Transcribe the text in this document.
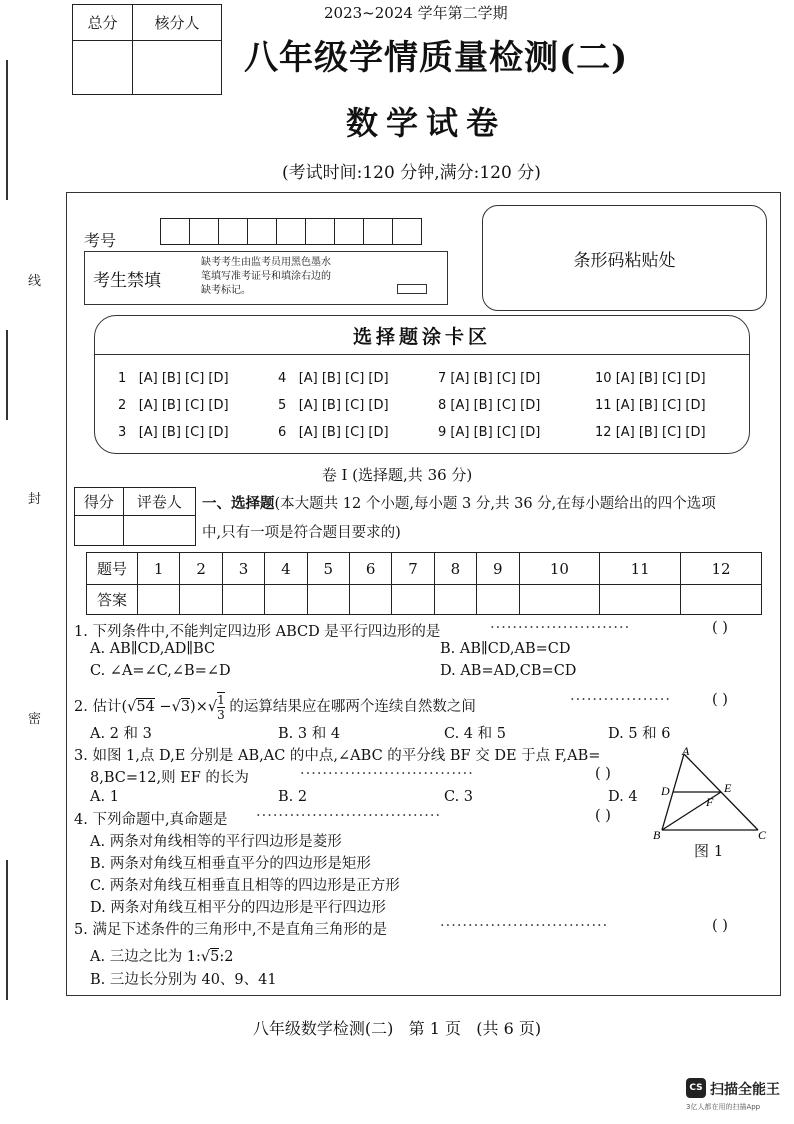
线
封
密
总分	核分人

2023~2024 学年第二学期
八年级学情质量检测(二)
数学试卷
(考试时间:120 分钟,满分:120 分)
考号

条形码粘贴处
考生禁填
缺考考生由监考员用黑色墨水
笔填写准考证号和填涂右边的
缺考标记。
选择题涂卡区
1 [A] [B] [C] [D]
2 [A] [B] [C] [D]
3 [A] [B] [C] [D]
4 [A] [B] [C] [D]
5 [A] [B] [C] [D]
6 [A] [B] [C] [D]
7 [A] [B] [C] [D]
8 [A] [B] [C] [D]
9 [A] [B] [C] [D]
10 [A] [B] [C] [D]
11 [A] [B] [C] [D]
12 [A] [B] [C] [D]
卷 I (选择题,共 36 分)
得分	评卷人
	一、选择题(本大题共 12 个小题,每小题 3 分,共 36 分,在每小题给出的四个选项
中,只有一项是符合题目要求的)
题号	1	2	3	4	5	6	7	8	9	10	11	12
答案												
1. 下列条件中,不能判定四边形 ABCD 是平行四边形的是	·························	( )
A. AB∥CD,AD∥BC	B. AB∥CD,AB=CD
C. ∠A=∠C,∠B=∠D	D. AB=AD,CB=CD
2. 估计$(√54 -√3)\times√ \frac{1}{3}$ 的运算结果应在哪两个连续自然数之间	··················	( )
A. 2 和 3	B. 3 和 4	C. 4 和 5	D. 5 和 6
3. 如图 1,点 D,E 分别是 AB,AC 的中点,∠ABC 的平分线 BF 交 DE 于点 F,AB=
8,BC=12,则 EF 的长为	·······························	( )
A. 1	B. 2	C. 3	D. 4
A
B	C
D	E
F
图 1
4. 下列命题中,真命题是 ·································	( )
A. 两条对角线相等的平行四边形是菱形
B. 两条对角线互相垂直平分的四边形是矩形
C. 两条对角线互相垂直且相等的四边形是正方形
D. 两条对角线互相平分的四边形是平行四边形
5. 满足下述条件的三角形中,不是直角三角形的是	······························	( )
A. 三边之比为 1:√5:2
B. 三边长分别为 40、9、41
八年级数学检测(二)   第 1 页   (共 6 页)
CS 扫描全能王
3亿人都在用的扫描App
